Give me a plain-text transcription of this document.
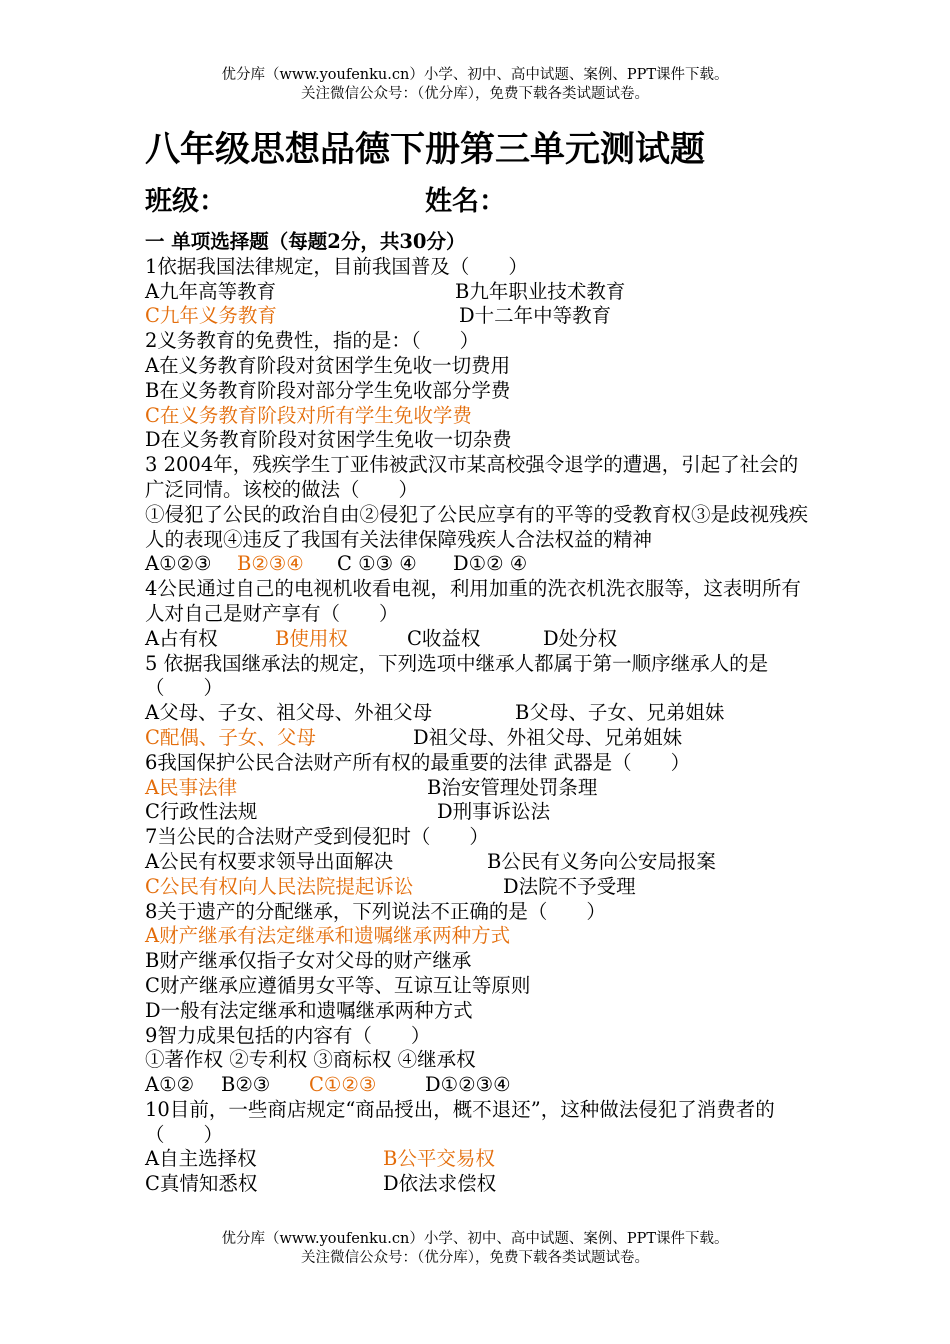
优分库（www.youfenku.cn）小学、初中、高中试题、案例、PPT课件下载。
关注微信公众号：（优分库），免费下载各类试题试卷。
八年级思想品德下册第三单元测试题
班级：	姓名：
一 单项选择题（每题2分，共30分）
1依据我国法律规定，目前我国普及（　　）
A九年高等教育	B九年职业技术教育
C九年义务教育	D十二年中等教育
2义务教育的免费性，指的是：（　　）
A在义务教育阶段对贫困学生免收一切费用
B在义务教育阶段对部分学生免收部分学费
C在义务教育阶段对所有学生免收学费
D在义务教育阶段对贫困学生免收一切杂费
3 2004年，残疾学生丁亚伟被武汉市某高校强令退学的遭遇，引起了社会的广泛同情。该校的做法（　　）
①侵犯了公民的政治自由②侵犯了公民应享有的平等的受教育权③是歧视残疾人的表现④违反了我国有关法律保障残疾人合法权益的精神
A①②③ B②③④ C ①③ ④ D①② ④
4公民通过自己的电视机收看电视，利用加重的洗衣机洗衣服等，这表明所有人对自己是财产享有（　　）
A占有权	B使用权	C收益权	D处分权
5 依据我国继承法的规定，下列选项中继承人都属于第一顺序继承人的是（　　）
A父母、子女、祖父母、外祖父母	B父母、子女、兄弟姐妹
C配偶、子女、父母	D祖父母、外祖父母、兄弟姐妹
6我国保护公民合法财产所有权的最重要的法律 武器是（　　）
A民事法律	B治安管理处罚条理
C行政性法规	D刑事诉讼法
7当公民的合法财产受到侵犯时（　　）
A公民有权要求领导出面解决	B公民有义务向公安局报案
C公民有权向人民法院提起诉讼	D法院不予受理
8关于遗产的分配继承，下列说法不正确的是（　　）
A财产继承有法定继承和遗嘱继承两种方式
B财产继承仅指子女对父母的财产继承
C财产继承应遵循男女平等、互谅互让等原则
D一般有法定继承和遗嘱继承两种方式
9智力成果包括的内容有（　　）
①著作权 ②专利权 ③商标权 ④继承权
A①② B②③ C①②③ D①②③④
10目前，一些商店规定“商品授出，概不退还”，这种做法侵犯了消费者的（　　）
A自主选择权	B公平交易权
C真情知悉权	D依法求偿权
优分库（www.youfenku.cn）小学、初中、高中试题、案例、PPT课件下载。
关注微信公众号：（优分库），免费下载各类试题试卷。
